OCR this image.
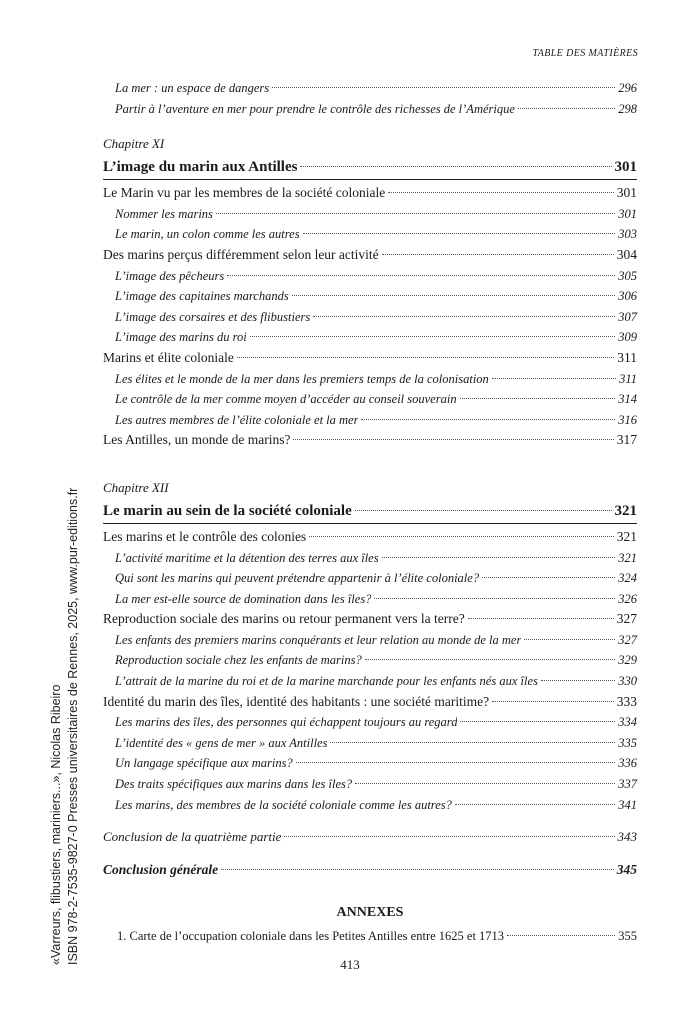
TABLE DES MATIÈRES
La mer : un espace de dangers	296
Partir à l’aventure en mer pour prendre le contrôle des richesses de l’Amérique	298
Chapitre XI
L’image du marin aux Antilles	301
Le Marin vu par les membres de la société coloniale	301
Nommer les marins	301
Le marin, un colon comme les autres	303
Des marins perçus différemment selon leur activité	304
L’image des pêcheurs	305
L’image des capitaines marchands	306
L’image des corsaires et des flibustiers	307
L’image des marins du roi	309
Marins et élite coloniale	311
Les élites et le monde de la mer dans les premiers temps de la colonisation	311
Le contrôle de la mer comme moyen d’accéder au conseil souverain	314
Les autres membres de l’élite coloniale et la mer	316
Les Antilles, un monde de marins?	317
Chapitre XII
Le marin au sein de la société coloniale	321
Les marins et le contrôle des colonies	321
L’activité maritime et la détention des terres aux îles	321
Qui sont les marins qui peuvent prétendre appartenir à l’élite coloniale?	324
La mer est-elle source de domination dans les îles?	326
Reproduction sociale des marins ou retour permanent vers la terre?	327
Les enfants des premiers marins conquérants et leur relation au monde de la mer	327
Reproduction sociale chez les enfants de marins?	329
L’attrait de la marine du roi et de la marine marchande pour les enfants nés aux îles	330
Identité du marin des îles, identité des habitants : une société maritime?	333
Les marins des îles, des personnes qui échappent toujours au regard	334
L’identité des « gens de mer » aux Antilles	335
Un langage spécifique aux marins?	336
Des traits spécifiques aux marins dans les îles?	337
Les marins, des membres de la société coloniale comme les autres?	341
Conclusion de la quatrième partie	343
Conclusion générale	345
ANNEXES
1. Carte de l’occupation coloniale dans les Petites Antilles entre 1625 et 1713	355
413
«Varreurs, flibustiers, mariniers...», Nicolas Ribeiro ISBN 978-2-7535-9827-0 Presses universitaires de Rennes, 2025, www.pur-editions.fr
